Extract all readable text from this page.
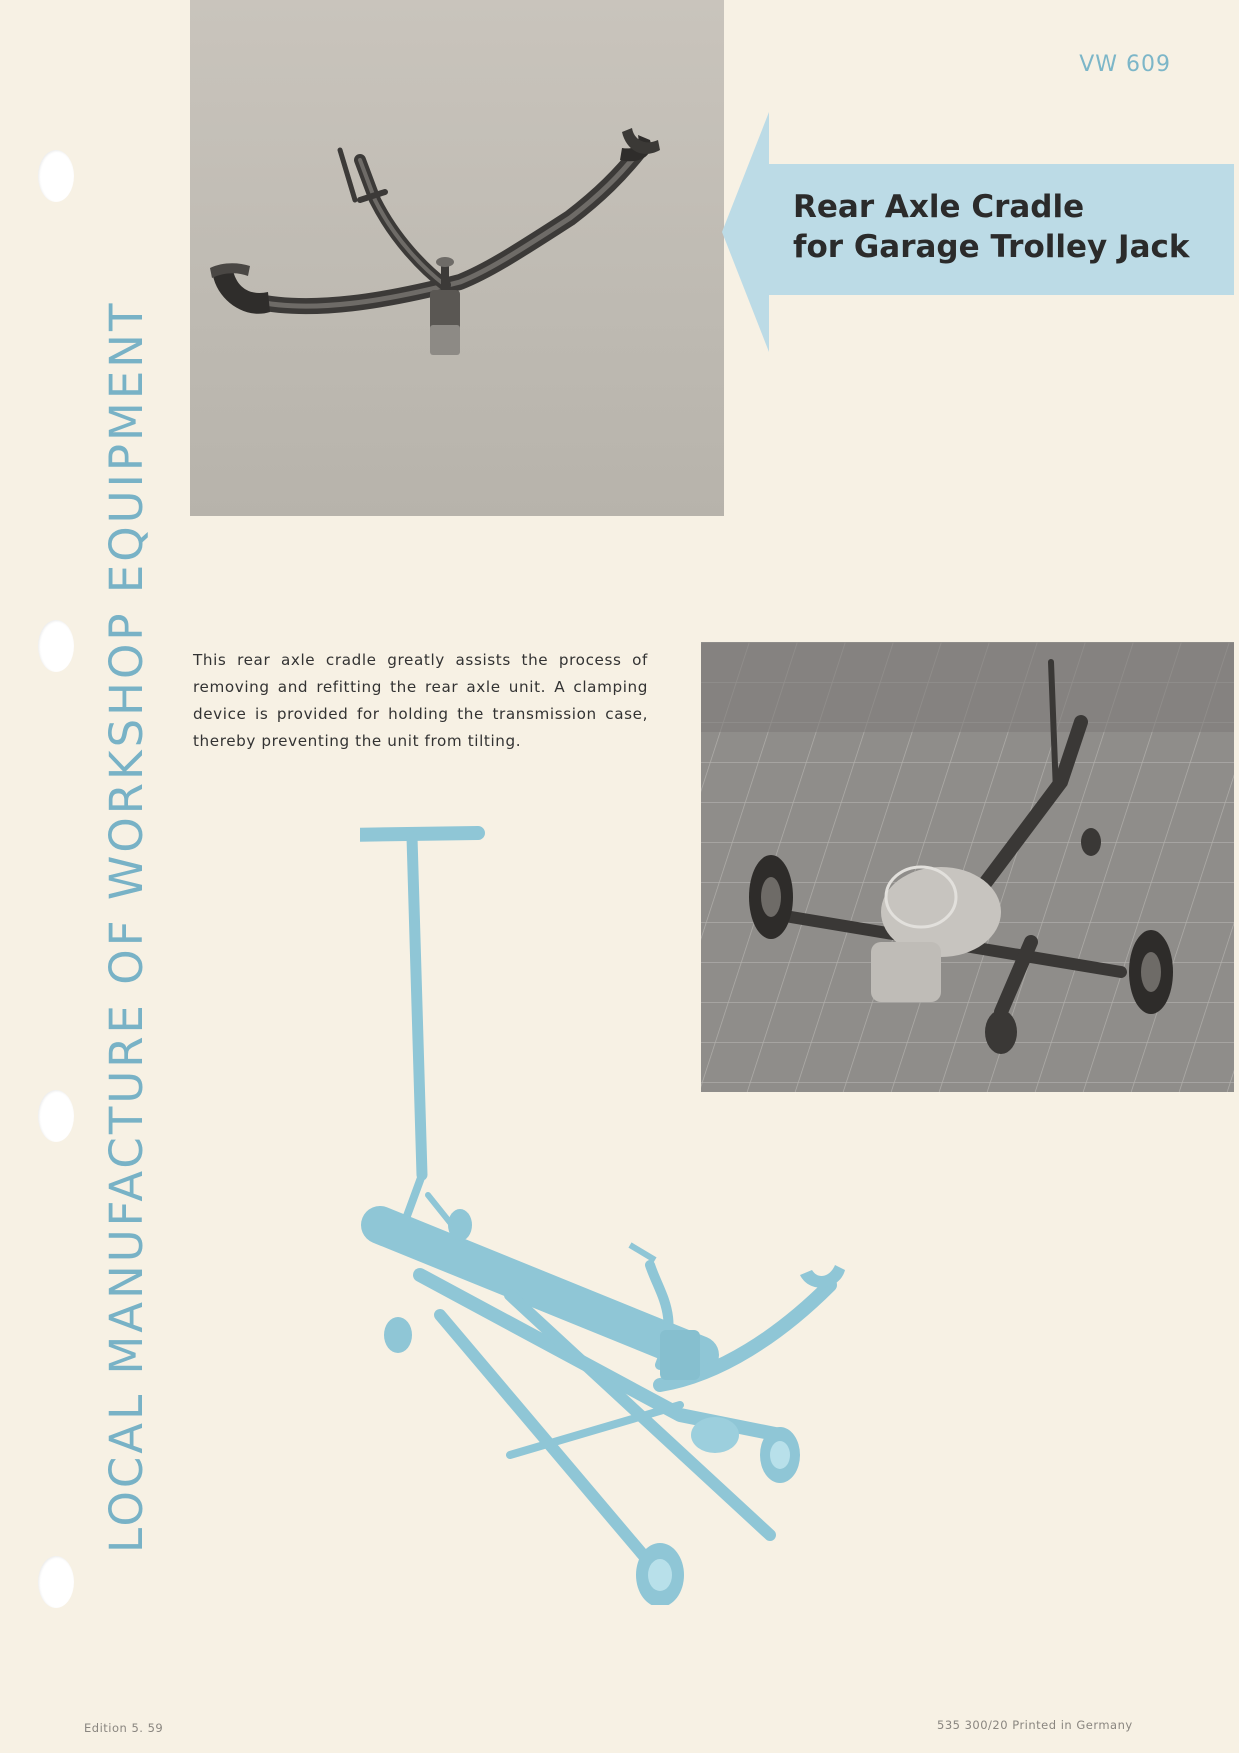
VW 609
LOCAL MANUFACTURE OF WORKSHOP EQUIPMENT
Rear Axle Cradle
for Garage Trolley Jack

This rear axle cradle greatly assists the process of removing and refitting the rear axle unit. A clamping device is provided for holding the transmission case, thereby preventing the unit from tilting.

Edition 5. 59	535 300/20 Printed in Germany
